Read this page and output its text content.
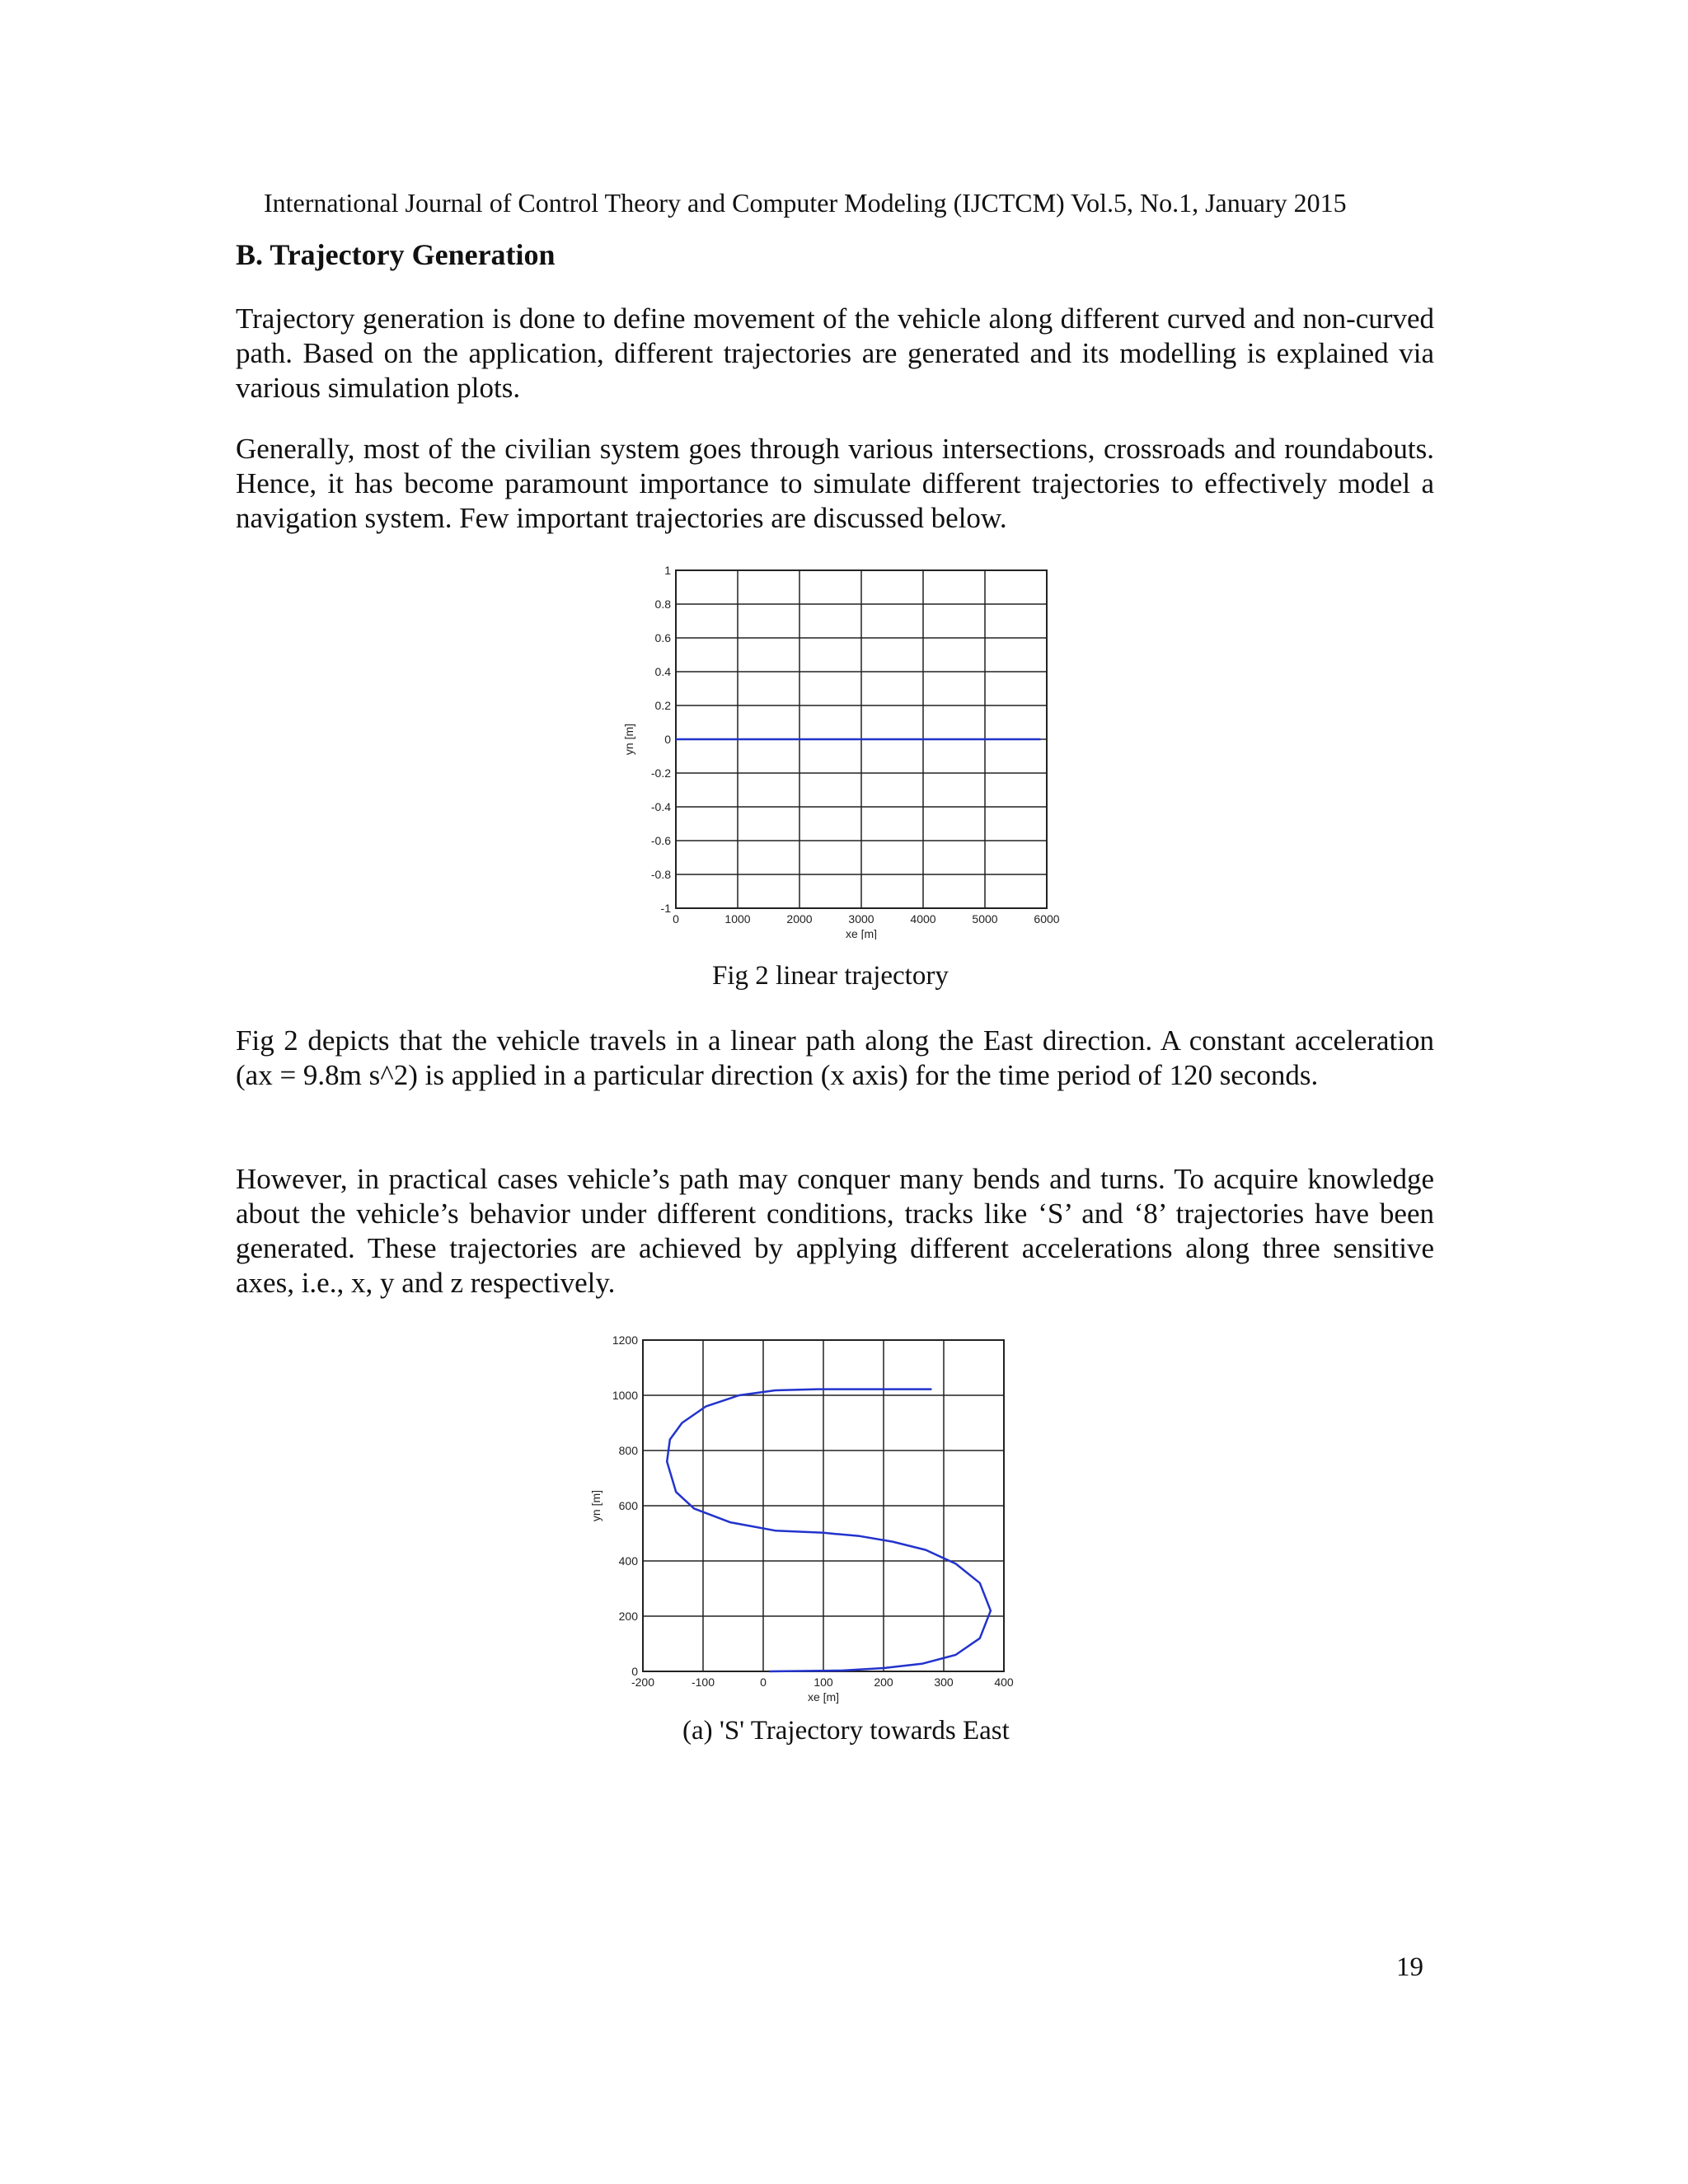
International Journal of Control Theory and Computer Modeling (IJCTCM) Vol.5, No.1, January 2015
B. Trajectory Generation

Trajectory generation is done to define movement of the vehicle along different curved and non-curved path. Based on the application, different trajectories are generated and its modelling is explained via various simulation plots.

Generally, most of the civilian system goes through various intersections, crossroads and roundabouts. Hence, it has become paramount importance to simulate different trajectories to effectively model a navigation system. Few important trajectories are discussed below.

0	1000	2000	3000	4000	5000	6000
-1
-0.8
-0.6
-0.4
-0.2
0
0.2
0.4
0.6
0.8
1
xe [m]
yn [m]
Fig 2 linear trajectory

Fig 2 depicts that the vehicle travels in a linear path along the East direction. A constant acceleration (ax = 9.8m s^2) is applied in a particular direction (x axis) for the time period of 120 seconds.

However, in practical cases vehicle’s path may conquer many bends and turns. To acquire knowledge about the vehicle’s behavior under different conditions, tracks like ‘S’ and ‘8’ trajectories have been generated. These trajectories are achieved by applying different accelerations along three sensitive axes, i.e., x, y and z respectively.

-200	-100	0	100	200	300	400
0
200
400
600
800
1000
1200
xe [m]
yn [m]
(a) 'S' Trajectory towards East
19
